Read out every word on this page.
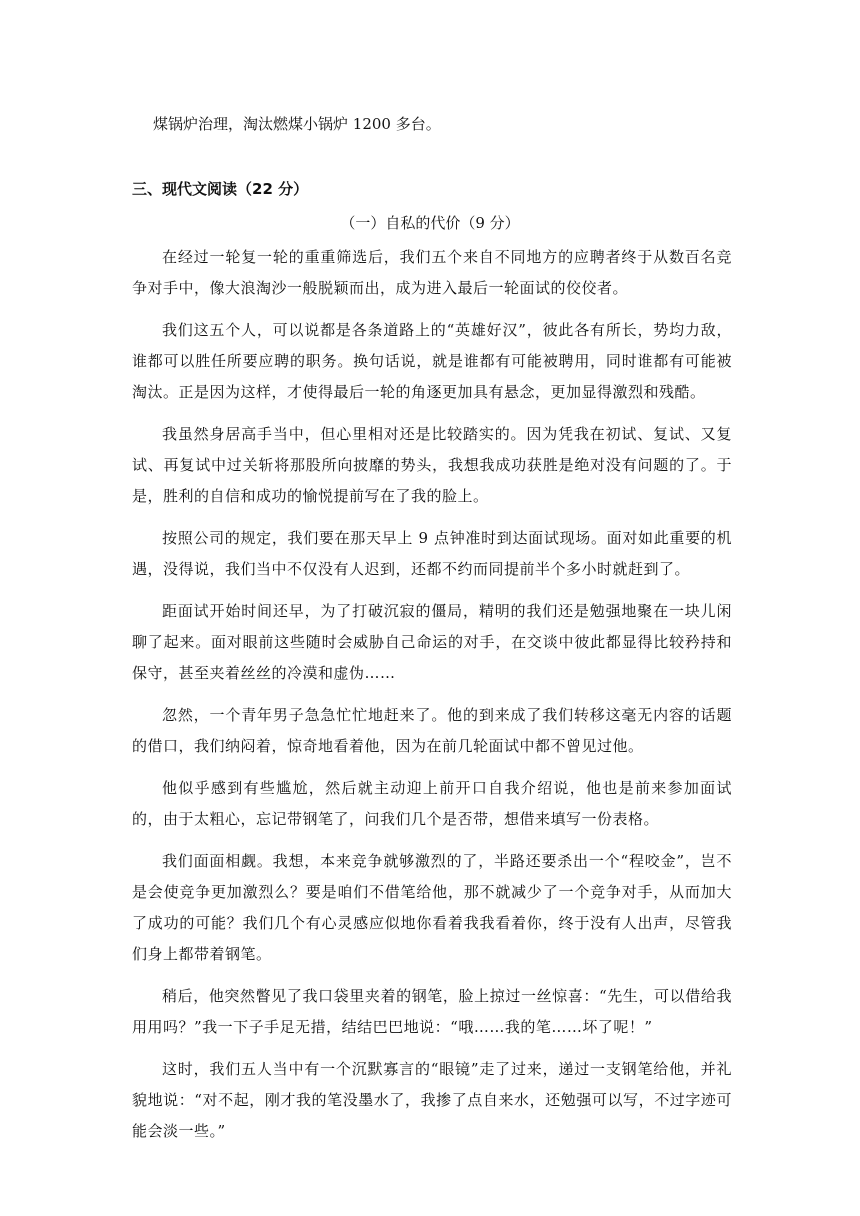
煤锅炉治理，淘汰燃煤小锅炉 1200 多台。
三、现代文阅读（22 分）
（一）自私的代价（9 分）

在经过一轮复一轮的重重筛选后，我们五个来自不同地方的应聘者终于从数百名竞争对手中，像大浪淘沙一般脱颖而出，成为进入最后一轮面试的佼佼者。

我们这五个人，可以说都是各条道路上的“英雄好汉”，彼此各有所长，势均力敌，谁都可以胜任所要应聘的职务。换句话说，就是谁都有可能被聘用，同时谁都有可能被淘汰。正是因为这样，才使得最后一轮的角逐更加具有悬念，更加显得激烈和残酷。

我虽然身居高手当中，但心里相对还是比较踏实的。因为凭我在初试、复试、又复试、再复试中过关斩将那股所向披靡的势头，我想我成功获胜是绝对没有问题的了。于是，胜利的自信和成功的愉悦提前写在了我的脸上。

按照公司的规定，我们要在那天早上 9 点钟准时到达面试现场。面对如此重要的机遇，没得说，我们当中不仅没有人迟到，还都不约而同提前半个多小时就赶到了。

距面试开始时间还早，为了打破沉寂的僵局，精明的我们还是勉强地聚在一块儿闲聊了起来。面对眼前这些随时会威胁自己命运的对手，在交谈中彼此都显得比较矜持和保守，甚至夹着丝丝的冷漠和虚伪……

忽然，一个青年男子急急忙忙地赶来了。他的到来成了我们转移这毫无内容的话题的借口，我们纳闷着，惊奇地看着他，因为在前几轮面试中都不曾见过他。

他似乎感到有些尴尬，然后就主动迎上前开口自我介绍说，他也是前来参加面试的，由于太粗心，忘记带钢笔了，问我们几个是否带，想借来填写一份表格。

我们面面相觑。我想，本来竞争就够激烈的了，半路还要杀出一个“程咬金”，岂不是会使竞争更加激烈么？要是咱们不借笔给他，那不就减少了一个竞争对手，从而加大了成功的可能？我们几个有心灵感应似地你看着我我看着你，终于没有人出声，尽管我们身上都带着钢笔。

稍后，他突然瞥见了我口袋里夹着的钢笔，脸上掠过一丝惊喜：“先生，可以借给我用用吗？”我一下子手足无措，结结巴巴地说：“哦……我的笔……坏了呢！”

这时，我们五人当中有一个沉默寡言的“眼镜”走了过来，递过一支钢笔给他，并礼貌地说：“对不起，刚才我的笔没墨水了，我掺了点自来水，还勉强可以写，不过字迹可能会淡一些。”
